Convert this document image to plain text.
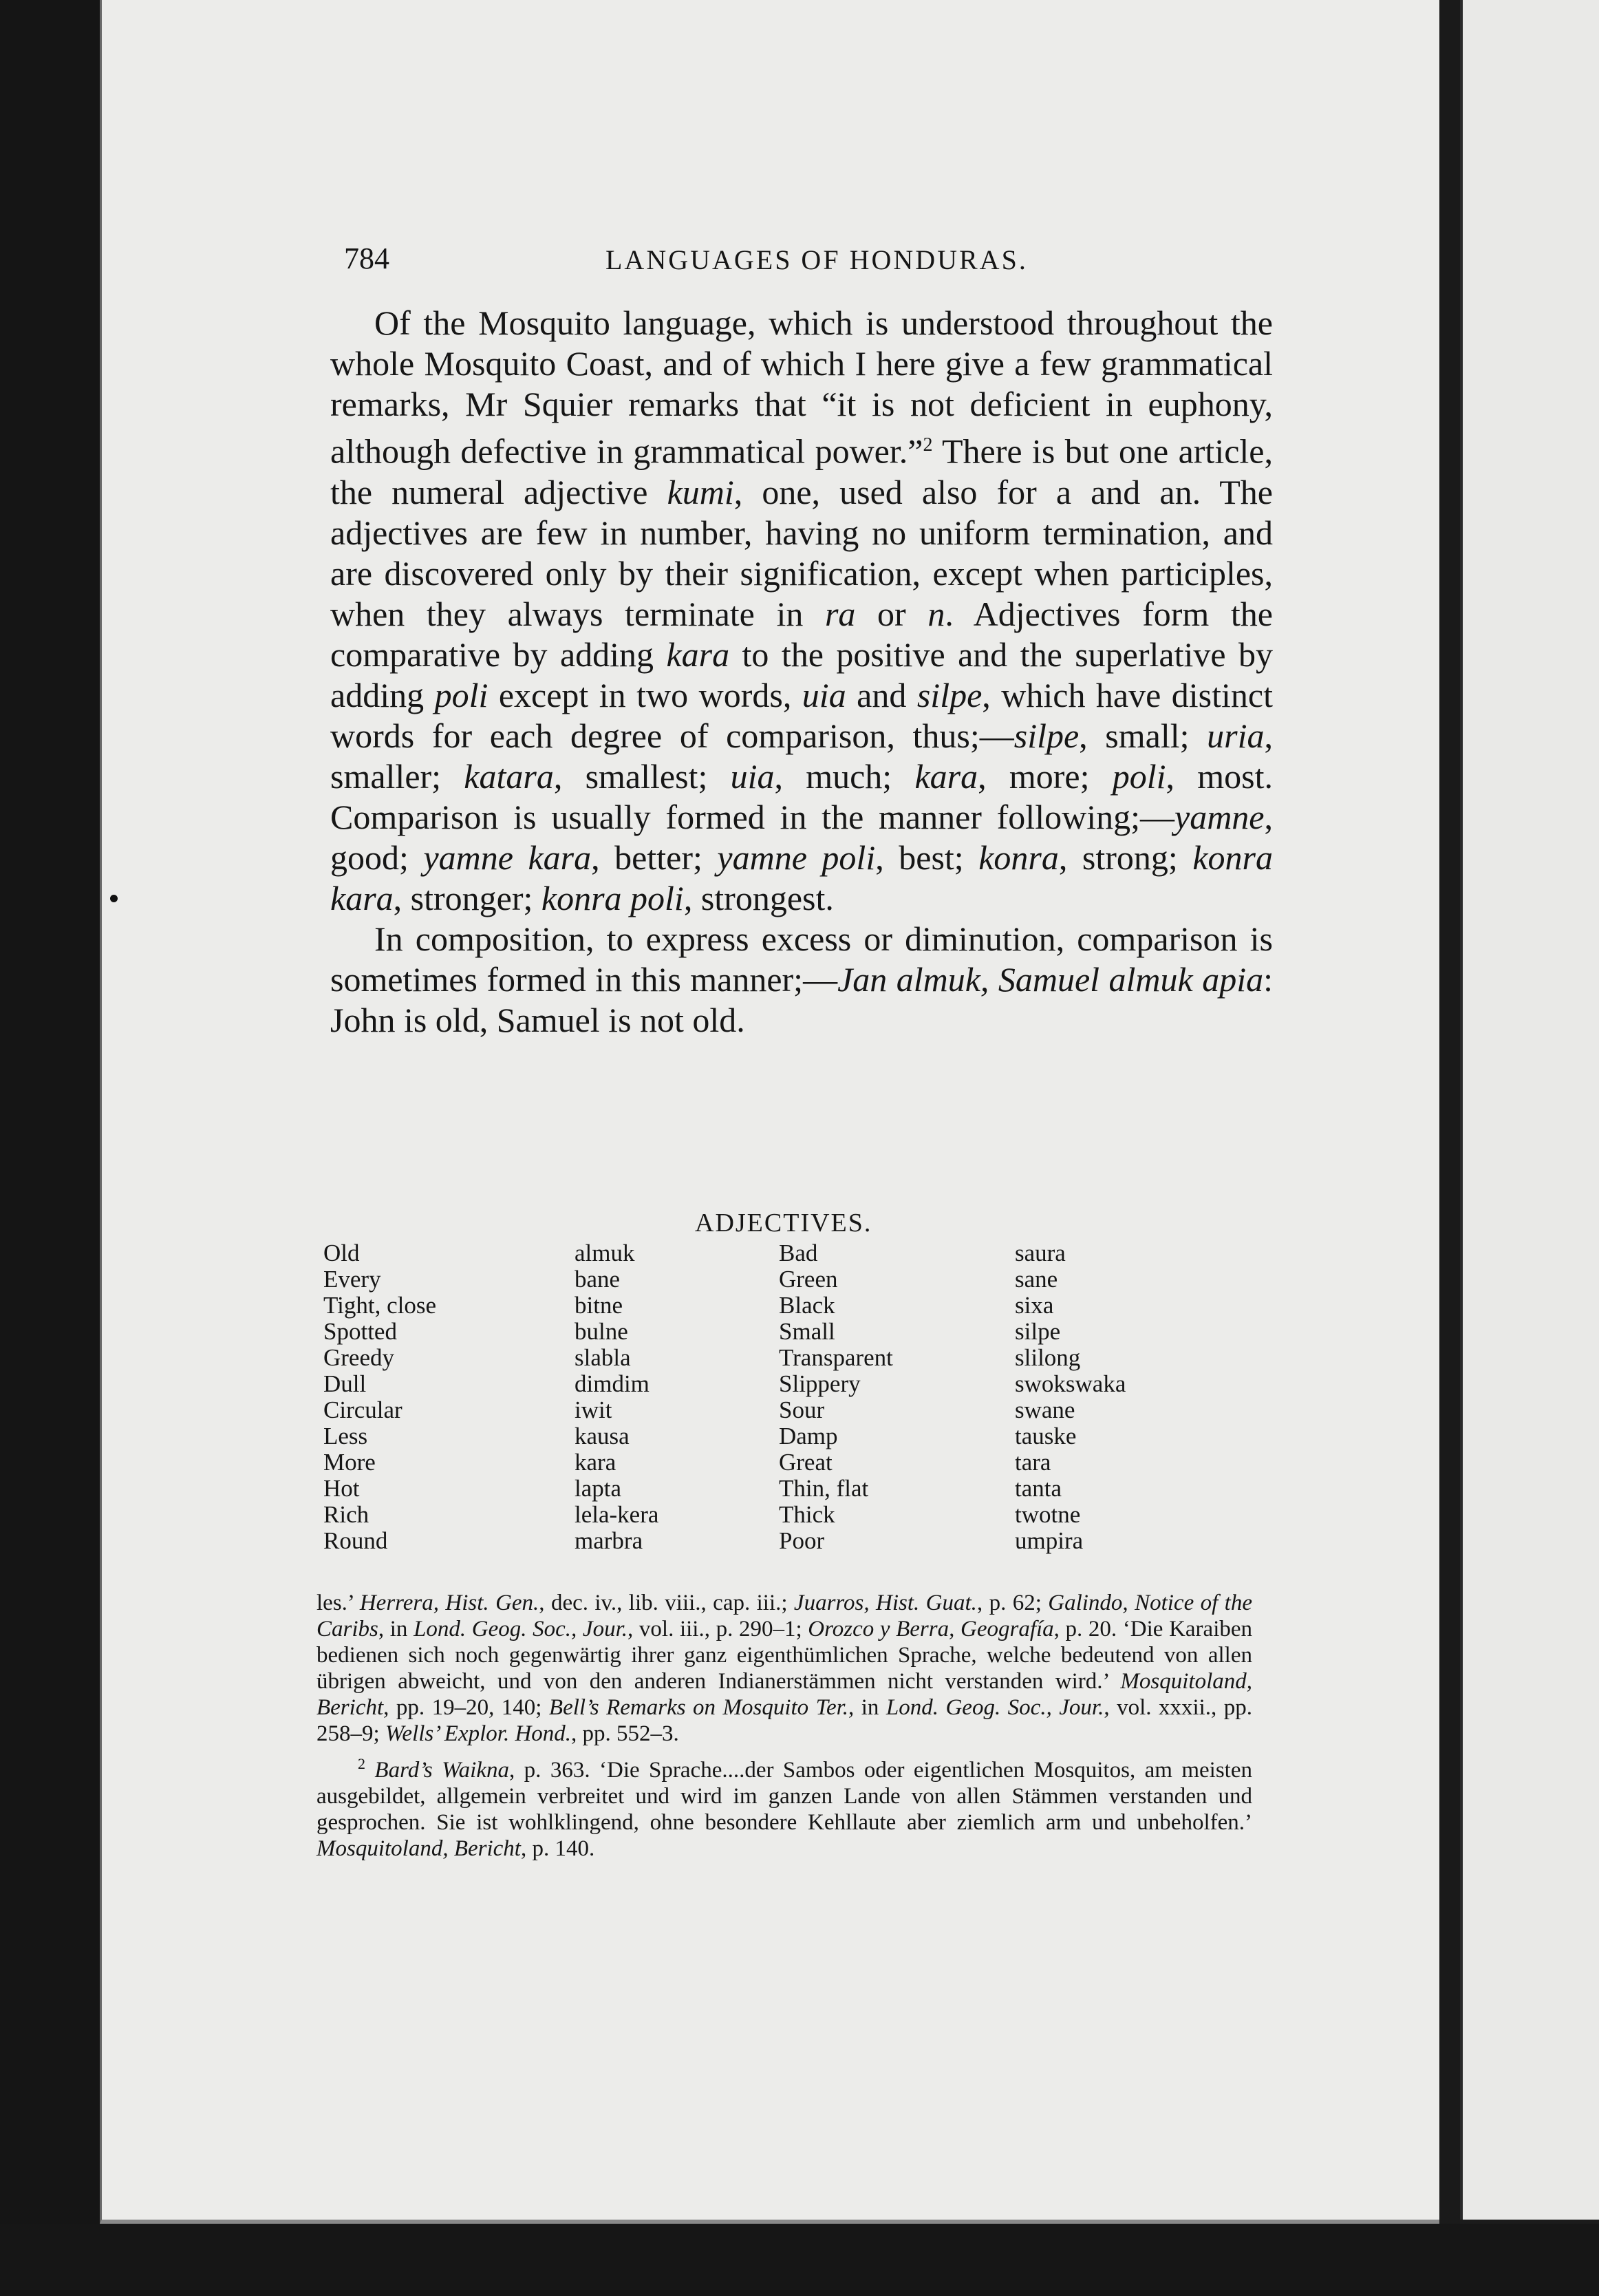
784	LANGUAGES OF HONDURAS.

Of the Mosquito language, which is understood throughout the whole Mosquito Coast, and of which I here give a few grammatical remarks, Mr Squier remarks that “it is not deficient in euphony, although defective in grammatical power.”$^2$ There is but one article, the numeral adjective kumi, one, used also for a and an. The adjectives are few in number, having no uniform termination, and are discovered only by their signification, except when participles, when they always terminate in ra or n. Adjectives form the comparative by adding kara to the positive and the superlative by adding poli except in two words, uia and silpe, which have distinct words for each degree of comparison, thus;—silpe, small; uria, smaller; katara, smallest; uia, much; kara, more; poli, most. Comparison is usually formed in the manner following;—yamne, good; yamne kara, better; yamne poli, best; konra, strong; konra kara, stronger; konra poli, strongest.

In composition, to express excess or diminution, comparison is sometimes formed in this manner;—Jan almuk, Samuel almuk apia: John is old, Samuel is not old.

ADJECTIVES.
Old
Every
Tight, close
Spotted
Greedy
Dull
Circular
Less
More
Hot
Rich
Round
almuk
bane
bitne
bulne
slabla
dimdim
iwit
kausa
kara
lapta
lela-kera
marbra
Bad
Green
Black
Small
Transparent
Slippery
Sour
Damp
Great
Thin, flat
Thick
Poor
saura
sane
sixa
silpe
slilong
swokswaka
swane
tauske
tara
tanta
twotne
umpira

les.’ Herrera, Hist. Gen., dec. iv., lib. viii., cap. iii.; Juarros, Hist. Guat., p. 62; Galindo, Notice of the Caribs, in Lond. Geog. Soc., Jour., vol. iii., p. 290–1; Orozco y Berra, Geografía, p. 20. ‘Die Karaiben bedienen sich noch gegenwärtig ihrer ganz eigenthümlichen Sprache, welche bedeutend von allen übrigen abweicht, und von den anderen Indianerstämmen nicht verstanden wird.’ Mosquitoland, Bericht, pp. 19–20, 140; Bell’s Remarks on Mosquito Ter., in Lond. Geog. Soc., Jour., vol. xxxii., pp. 258–9; Wells’ Explor. Hond., pp. 552–3.

$^2$ Bard’s Waikna, p. 363. ‘Die Sprache....der Sambos oder eigentlichen Mosquitos, am meisten ausgebildet, allgemein verbreitet und wird im ganzen Lande von allen Stämmen verstanden und gesprochen. Sie ist wohlklingend, ohne besondere Kehllaute aber ziemlich arm und unbeholfen.’ Mosquitoland, Bericht, p. 140.
